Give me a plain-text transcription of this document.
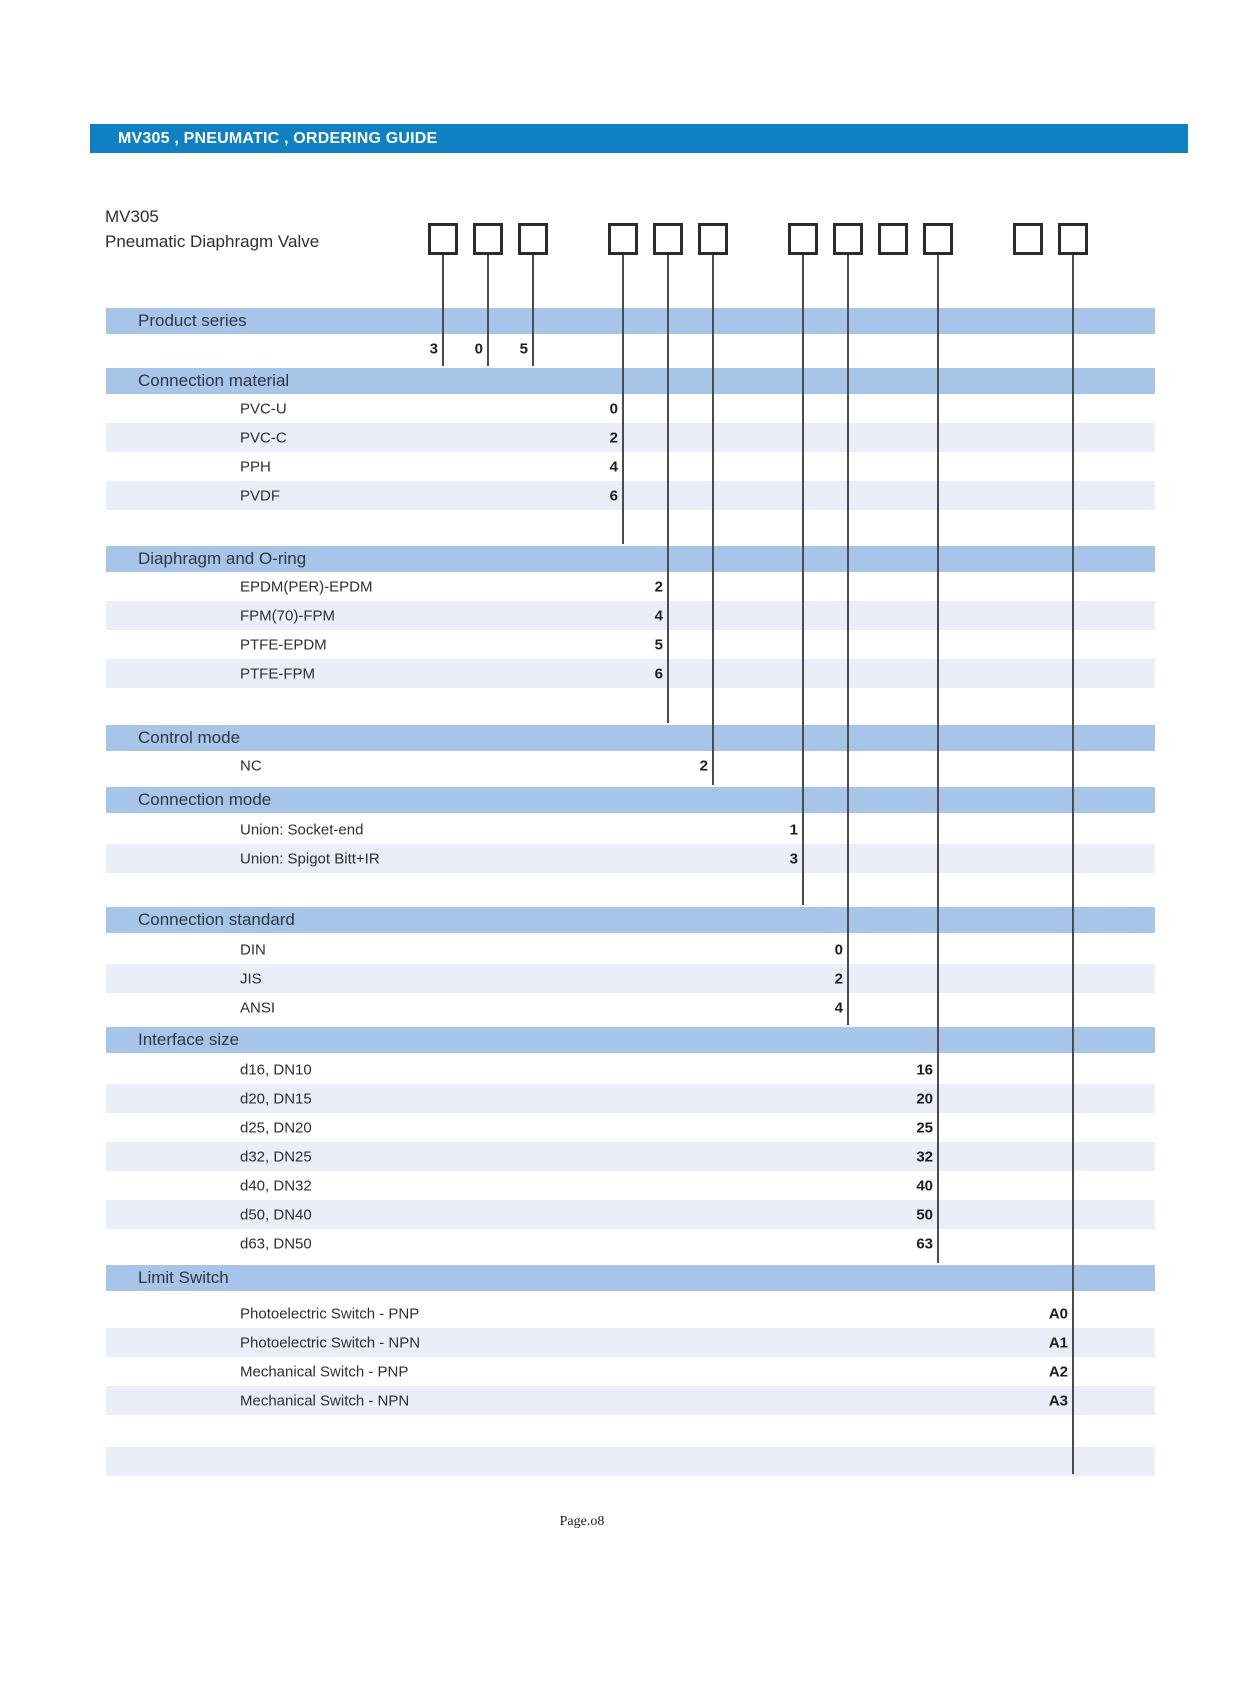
MV305 , PNEUMATIC , ORDERING GUIDE
MV305
Pneumatic Diaphragm Valve
Product series
3	0	5
Connection material
PVC-U	0
PVC-C	2
PPH	4
PVDF	6
Diaphragm and O-ring
EPDM(PER)-EPDM	2
FPM(70)-FPM	4
PTFE-EPDM	5
PTFE-FPM	6
Control mode
NC	2
Connection mode
Union: Socket-end	1
Union: Spigot Bitt+IR	3
Connection standard
DIN	0
JIS	2
ANSI	4
Interface size
d16, DN10	16
d20, DN15	20
d25, DN20	25
d32, DN25	32
d40, DN32	40
d50, DN40	50
d63, DN50	63
Limit Switch
Photoelectric Switch - PNP	A0
Photoelectric Switch - NPN	A1
Mechanical Switch - PNP	A2
Mechanical Switch - NPN	A3
Page.o8
